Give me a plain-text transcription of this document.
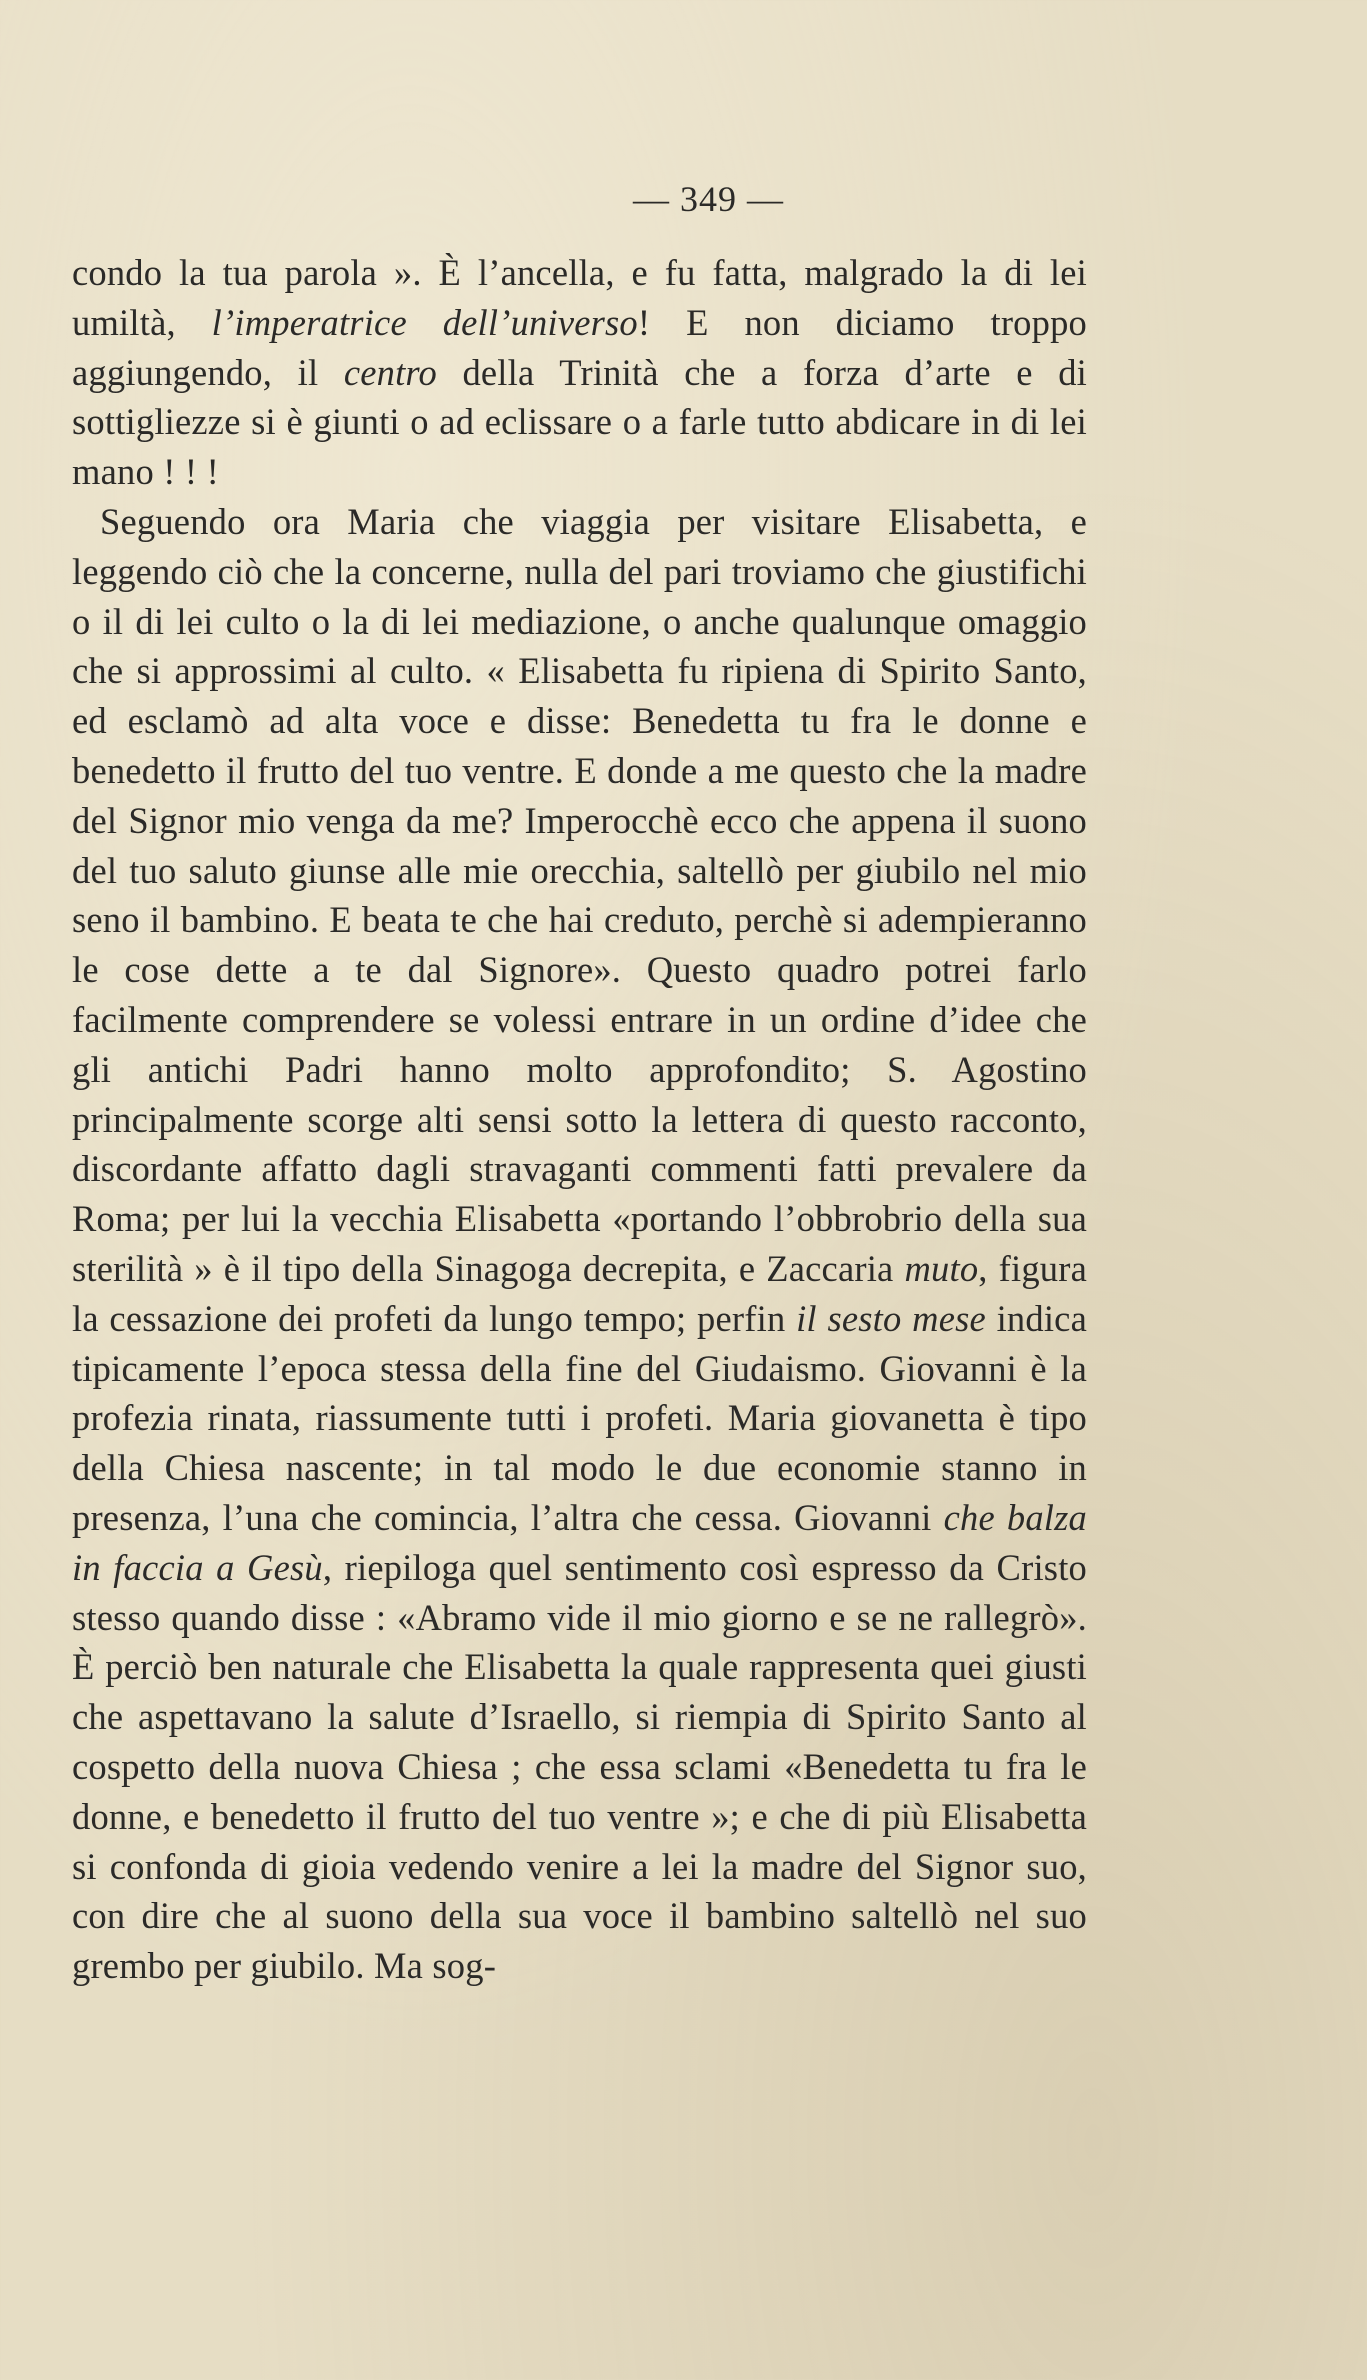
— 349 —

condo la tua parola ». È l’ancella, e fu fatta, malgrado la di lei umiltà, l’imperatrice dell’universo! E non diciamo troppo aggiungendo, il centro della Trinità che a forza d’arte e di sottigliezze si è giunti o ad eclissare o a farle tutto abdicare in di lei mano ! ! !

Seguendo ora Maria che viaggia per visitare Elisabetta, e leggendo ciò che la concerne, nulla del pari troviamo che giustifichi o il di lei culto o la di lei mediazione, o anche qualunque omaggio che si approssimi al culto. « Elisabetta fu ripiena di Spirito Santo, ed esclamò ad alta voce e disse: Benedetta tu fra le donne e benedetto il frutto del tuo ventre. E donde a me questo che la madre del Signor mio venga da me? Imperocchè ecco che appena il suono del tuo saluto giunse alle mie orecchia, saltellò per giubilo nel mio seno il bambino. E beata te che hai creduto, perchè si adempieranno le cose dette a te dal Signore». Questo quadro potrei farlo facilmente comprendere se volessi entrare in un ordine d’idee che gli antichi Padri hanno molto approfondito; S. Agostino principalmente scorge alti sensi sotto la lettera di questo racconto, discordante affatto dagli stravaganti commenti fatti prevalere da Roma; per lui la vecchia Elisabetta «portando l’obbrobrio della sua sterilità » è il tipo della Sinagoga decrepita, e Zaccaria muto, figura la cessazione dei profeti da lungo tempo; perfin il sesto mese indica tipicamente l’epoca stessa della fine del Giudaismo. Giovanni è la profezia rinata, riassumente tutti i profeti. Maria giovanetta è tipo della Chiesa nascente; in tal modo le due economie stanno in presenza, l’una che comincia, l’altra che cessa. Giovanni che balza in faccia a Gesù, riepiloga quel sentimento così espresso da Cristo stesso quando disse : «Abramo vide il mio giorno e se ne rallegrò». È perciò ben naturale che Elisabetta la quale rappresenta quei giusti che aspettavano la salute d’Israello, si riempia di Spirito Santo al cospetto della nuova Chiesa ; che essa sclami «Benedetta tu fra le donne, e benedetto il frutto del tuo ventre »; e che di più Elisabetta si confonda di gioia vedendo venire a lei la madre del Signor suo, con dire che al suono della sua voce il bambino saltellò nel suo grembo per giubilo. Ma sog-
